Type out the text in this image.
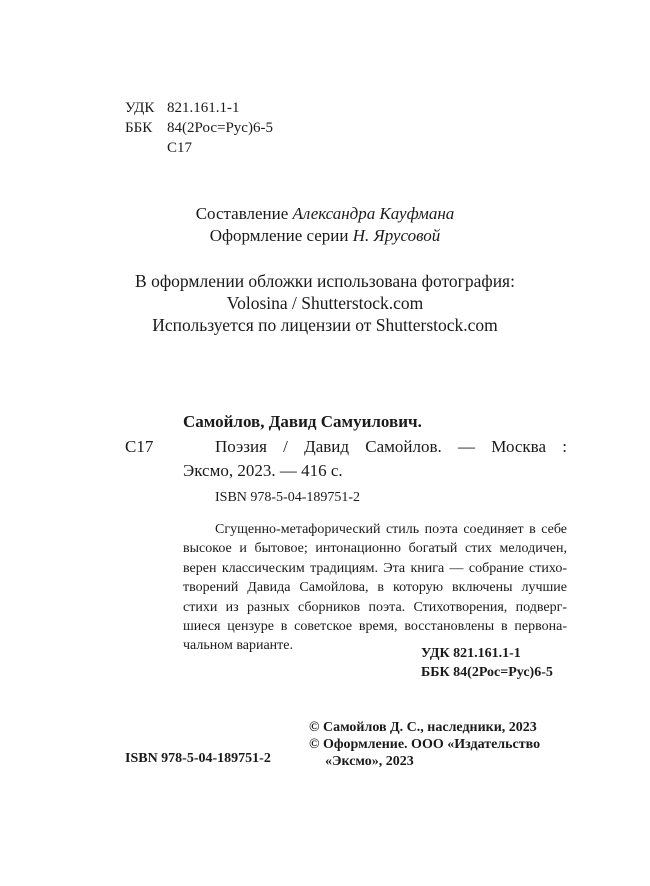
УДК 821.161.1-1
ББК 84(2Рос=Рус)6-5
С17
Составление Александра Кауфмана
Оформление серии Н. Ярусовой
В оформлении обложки использована фотография:
Volosina / Shutterstock.com
Используется по лицензии от Shutterstock.com
Самойлов, Давид Самуилович.
С17	Поэзия / Давид Самойлов. — Москва :
Эксмо, 2023. — 416 с.
ISBN 978-5-04-189751-2
Сгущенно-метафорический стиль поэта соединяет в себе
высокое и бытовое; интонационно богатый стих мелодичен,
верен классическим традициям. Эта книга — собрание стихо-
творений Давида Самойлова, в которую включены лучшие
стихи из разных сборников поэта. Стихотворения, подверг-
шиеся цензуре в советское время, восстановлены в первона-
чальном варианте.
УДК 821.161.1-1
ББК 84(2Рос=Рус)6-5
© Самойлов Д. С., наследники, 2023
© Оформление. ООО «Издательство
«Эксмо», 2023
ISBN 978-5-04-189751-2
